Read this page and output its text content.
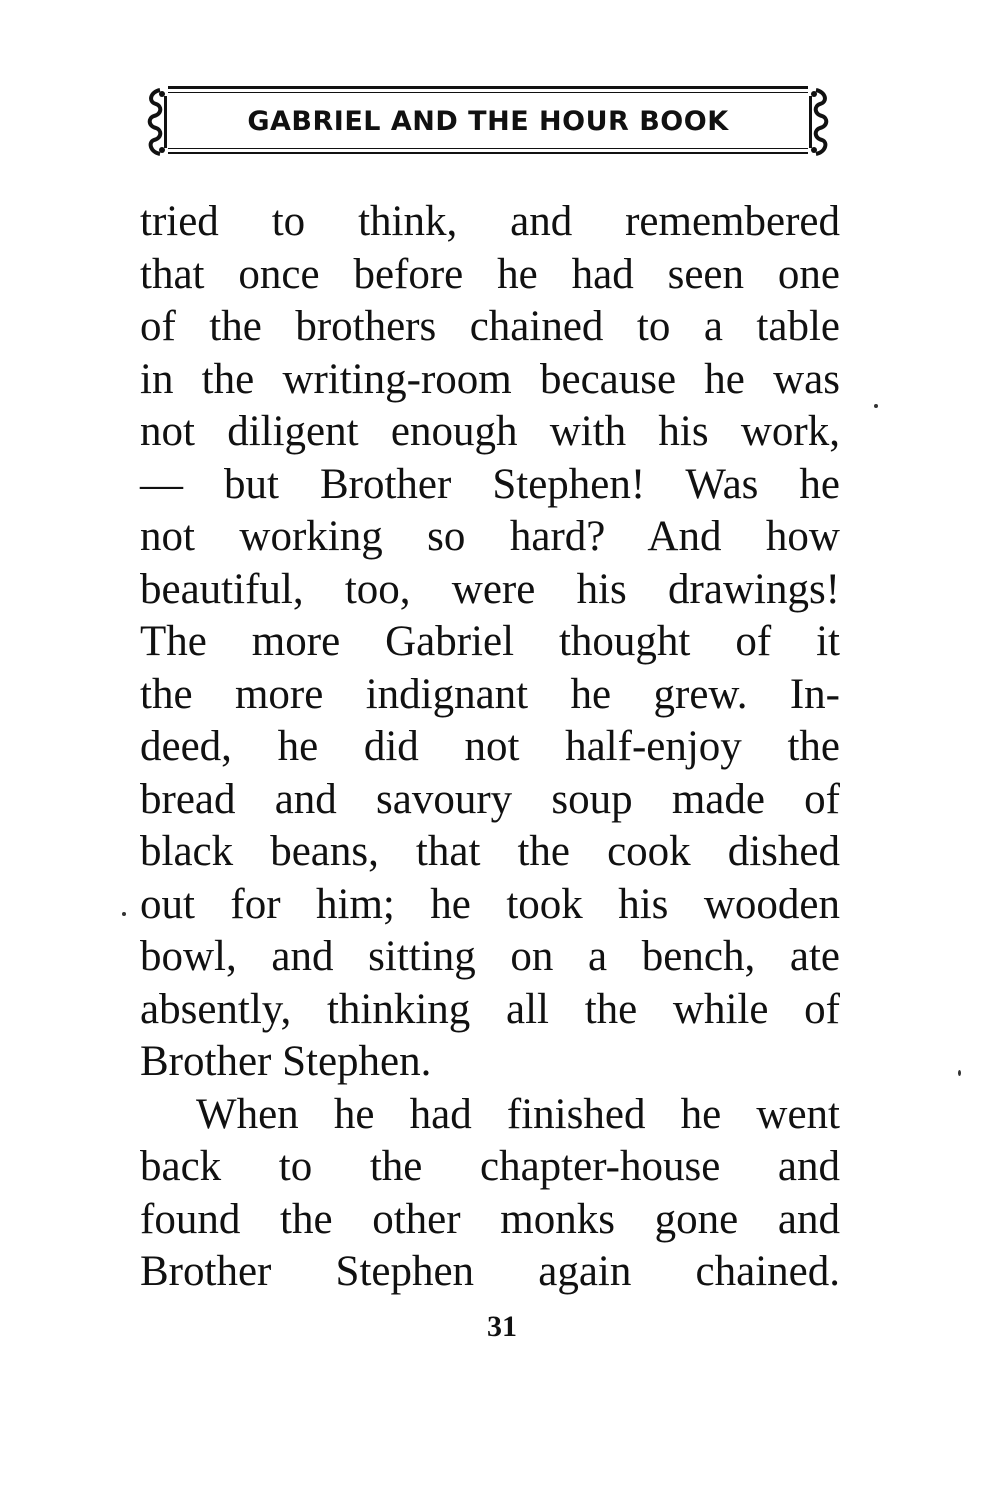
GABRIEL AND THE HOUR BOOK
tried to think, and remembered
that once before he had seen one
of the brothers chained to a table
in the writing-room because he was
not diligent enough with his work,
— but Brother Stephen! Was he
not working so hard? And how
beautiful, too, were his drawings!
The more Gabriel thought of it
the more indignant he grew. In-
deed, he did not half-enjoy the
bread and savoury soup made of
black beans, that the cook dished
out for him; he took his wooden
bowl, and sitting on a bench, ate
absently, thinking all the while of
Brother Stephen.
When he had finished he went
back to the chapter-house and
found the other monks gone and
Brother Stephen again chained.
31
